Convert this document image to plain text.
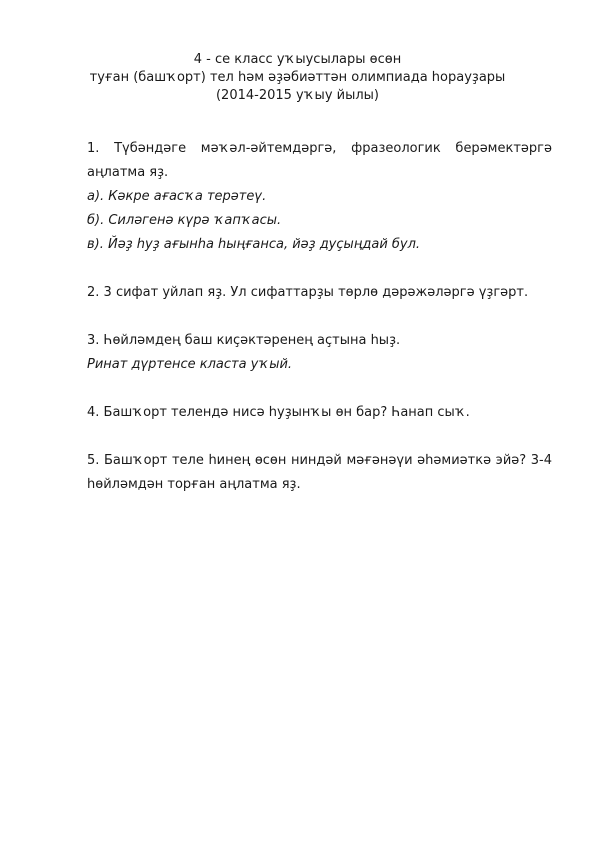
4 - се класс уҡыусылары өсөн
туған (башҡорт) тел һәм әҙәбиәттән олимпиада һорауҙары
(2014-2015 уҡыу йылы)
1. Түбәндәге мәҡәл-әйтемдәргә, фразеологик берәмектәргә аңлатма яҙ.
а). Кәкре ағасҡа терәтеү.
б). Силәгенә күрә ҡапҡасы.
в). Йәҙ һуҙ ағынһа һыңғанса, йәҙ дуҫыңдай бул.
2. 3 сифат уйлап яҙ. Ул сифаттарҙы төрлө дәрәжәләргә үҙгәрт.
3. Һөйләмдең баш киҫәктәренең аҫтына һыҙ.
Ринат дүртенсе класта уҡый.
4. Башҡорт телендә нисә һуҙынҡы өн бар? Һанап сыҡ.
5. Башҡорт теле һинең өсөн ниндәй мәғәнәүи әһәмиәткә эйә? 3-4 һөйләмдән торған аңлатма яҙ.
